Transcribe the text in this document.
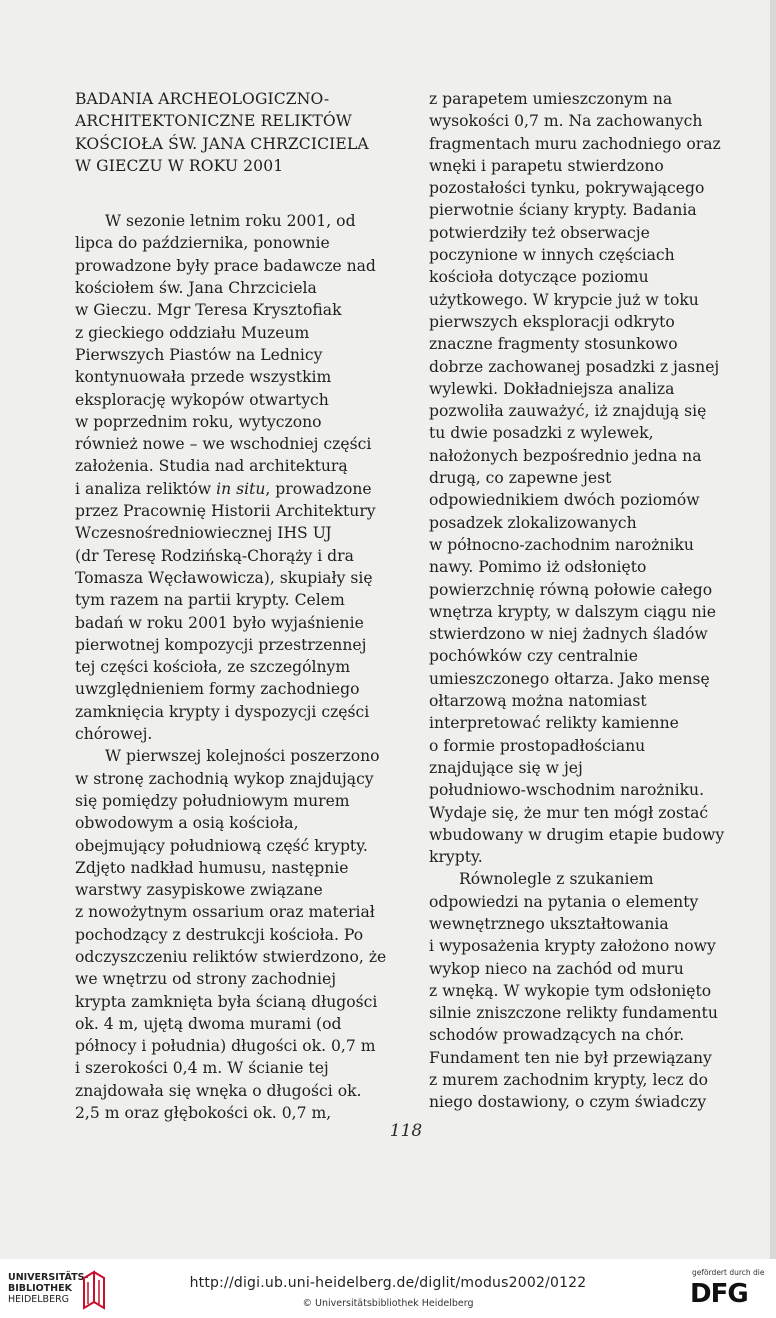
BADANIA ARCHEOLOGICZNO-
ARCHITEKTONICZNE RELIKTÓW
KOŚCIOŁA ŚW. JANA CHRZCICIELA
W GIECZU W ROKU 2001
W sezonie letnim roku 2001, od
lipca do października, ponownie
prowadzone były prace badawcze nad
kościołem św. Jana Chrzciciela
w Gieczu. Mgr Teresa Krysztofiak
z gieckiego oddziału Muzeum
Pierwszych Piastów na Lednicy
kontynuowała przede wszystkim
eksplorację wykopów otwartych
w poprzednim roku, wytyczono
również nowe – we wschodniej części
założenia. Studia nad architekturą
i analiza reliktów in situ, prowadzone
przez Pracownię Historii Architektury
Wczesnośredniowiecznej IHS UJ
(dr Teresę Rodzińską-Chorąży i dra
Tomasza Węcławowicza), skupiały się
tym razem na partii krypty. Celem
badań w roku 2001 było wyjaśnienie
pierwotnej kompozycji przestrzennej
tej części kościoła, ze szczególnym
uwzględnieniem formy zachodniego
zamknięcia krypty i dyspozycji części
chórowej.
W pierwszej kolejności poszerzono
w stronę zachodnią wykop znajdujący
się pomiędzy południowym murem
obwodowym a osią kościoła,
obejmujący południową część krypty.
Zdjęto nadkład humusu, następnie
warstwy zasypiskowe związane
z nowożytnym ossarium oraz materiał
pochodzący z destrukcji kościoła. Po
odczyszczeniu reliktów stwierdzono, że
we wnętrzu od strony zachodniej
krypta zamknięta była ścianą długości
ok. 4 m, ujętą dwoma murami (od
północy i południa) długości ok. 0,7 m
i szerokości 0,4 m. W ścianie tej
znajdowała się wnęka o długości ok.
2,5 m oraz głębokości ok. 0,7 m,
z parapetem umieszczonym na
wysokości 0,7 m. Na zachowanych
fragmentach muru zachodniego oraz
wnęki i parapetu stwierdzono
pozostałości tynku, pokrywającego
pierwotnie ściany krypty. Badania
potwierdziły też obserwacje
poczynione w innych częściach
kościoła dotyczące poziomu
użytkowego. W krypcie już w toku
pierwszych eksploracji odkryto
znaczne fragmenty stosunkowo
dobrze zachowanej posadzki z jasnej
wylewki. Dokładniejsza analiza
pozwoliła zauważyć, iż znajdują się
tu dwie posadzki z wylewek,
nałożonych bezpośrednio jedna na
drugą, co zapewne jest
odpowiednikiem dwóch poziomów
posadzek zlokalizowanych
w północno-zachodnim narożniku
nawy. Pomimo iż odsłonięto
powierzchnię równą połowie całego
wnętrza krypty, w dalszym ciągu nie
stwierdzono w niej żadnych śladów
pochówków czy centralnie
umieszczonego ołtarza. Jako mensę
ołtarzową można natomiast
interpretować relikty kamienne
o formie prostopadłościanu
znajdujące się w jej
południowo-wschodnim narożniku.
Wydaje się, że mur ten mógł zostać
wbudowany w drugim etapie budowy
krypty.
Równolegle z szukaniem
odpowiedzi na pytania o elementy
wewnętrznego ukształtowania
i wyposażenia krypty założono nowy
wykop nieco na zachód od muru
z wnęką. W wykopie tym odsłonięto
silnie zniszczone relikty fundamentu
schodów prowadzących na chór.
Fundament ten nie był przewiązany
z murem zachodnim krypty, lecz do
niego dostawiony, o czym świadczy
118
UNIVERSITÄTS-
BIBLIOTHEK
HEIDELBERG
http://digi.ub.uni-heidelberg.de/diglit/modus2002/0122
© Universitätsbibliothek Heidelberg
gefördert durch die
DFG
